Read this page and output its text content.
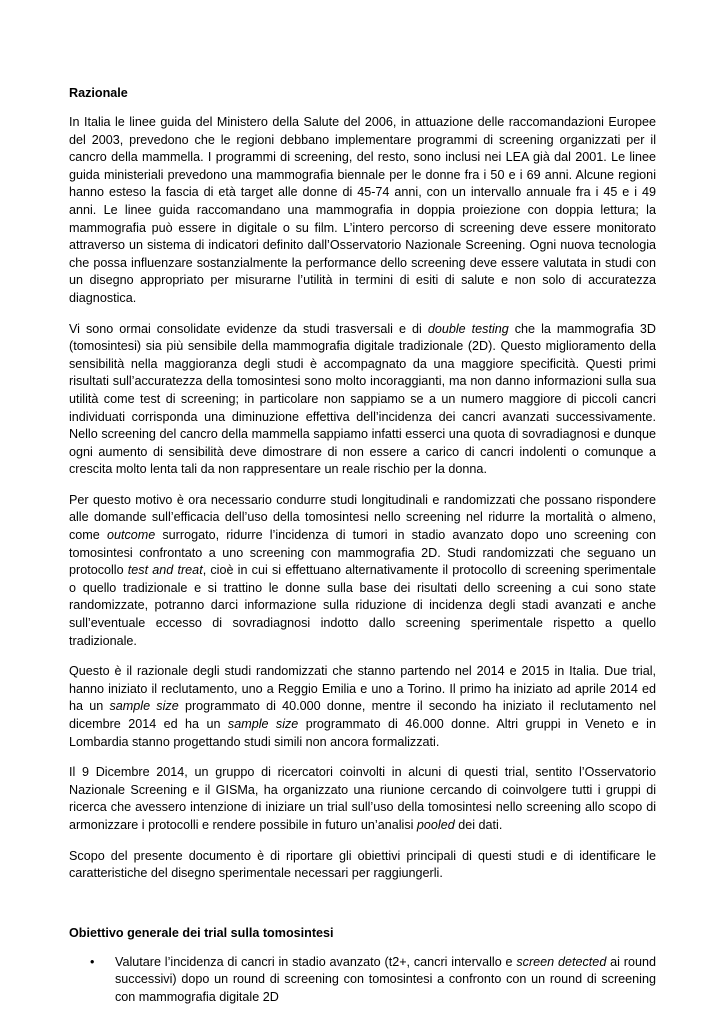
Razionale

In Italia le linee guida del Ministero della Salute del 2006, in attuazione delle raccomandazioni Europee del 2003, prevedono che le regioni debbano implementare programmi di screening organizzati per il cancro della mammella. I programmi di screening, del resto, sono inclusi nei LEA già dal 2001. Le linee guida ministeriali prevedono una mammografia biennale per le donne fra i 50 e i 69 anni. Alcune regioni hanno esteso la fascia di età target alle donne di 45-74 anni, con un intervallo annuale fra i 45 e i 49 anni. Le linee guida raccomandano una mammografia in doppia proiezione con doppia lettura; la mammografia può essere in digitale o su film. L’intero percorso di screening deve essere monitorato attraverso un sistema di indicatori definito dall’Osservatorio Nazionale Screening. Ogni nuova tecnologia che possa influenzare sostanzialmente la performance dello screening deve essere valutata in studi con un disegno appropriato per misurarne l’utilità in termini di esiti di salute e non solo di accuratezza diagnostica.

Vi sono ormai consolidate evidenze da studi trasversali e di double testing che la mammografia 3D (tomosintesi) sia più sensibile della mammografia digitale tradizionale (2D). Questo miglioramento della sensibilità nella maggioranza degli studi è accompagnato da una maggiore specificità. Questi primi risultati sull’accuratezza della tomosintesi sono molto incoraggianti, ma non danno informazioni sulla sua utilità come test di screening; in particolare non sappiamo se a un numero maggiore di piccoli cancri individuati corrisponda una diminuzione effettiva dell’incidenza dei cancri avanzati successivamente. Nello screening del cancro della mammella sappiamo infatti esserci una quota di sovradiagnosi e dunque ogni aumento di sensibilità deve dimostrare di non essere a carico di cancri indolenti o comunque a crescita molto lenta tali da non rappresentare un reale rischio per la donna.

Per questo motivo è ora necessario condurre studi longitudinali e randomizzati che possano rispondere alle domande sull’efficacia dell’uso della tomosintesi nello screening nel ridurre la mortalità o almeno, come outcome surrogato, ridurre l’incidenza di tumori in stadio avanzato dopo uno screening con tomosintesi confrontato a uno screening con mammografia 2D. Studi randomizzati che seguano un protocollo test and treat, cioè in cui si effettuano alternativamente il protocollo di screening sperimentale o quello tradizionale e si trattino le donne sulla base dei risultati dello screening a cui sono state randomizzate, potranno darci informazione sulla riduzione di incidenza degli stadi avanzati e anche sull’eventuale eccesso di sovradiagnosi indotto dallo screening sperimentale rispetto a quello tradizionale.

Questo è il razionale degli studi randomizzati che stanno partendo nel 2014 e 2015 in Italia. Due trial, hanno iniziato il reclutamento, uno a Reggio Emilia e uno a Torino. Il primo ha iniziato ad aprile 2014 ed ha un sample size programmato di 40.000 donne, mentre il secondo ha iniziato il reclutamento nel dicembre 2014 ed ha un sample size programmato di 46.000 donne. Altri gruppi in Veneto e in Lombardia stanno progettando studi simili non ancora formalizzati.

Il 9 Dicembre 2014, un gruppo di ricercatori coinvolti in alcuni di questi trial, sentito l’Osservatorio Nazionale Screening e il GISMa, ha organizzato una riunione cercando di coinvolgere tutti i gruppi di ricerca che avessero intenzione di iniziare un trial sull’uso della tomosintesi nello screening allo scopo di armonizzare i protocolli e rendere possibile in futuro un’analisi pooled dei dati.

Scopo del presente documento è di riportare gli obiettivi principali di questi studi e di identificare le caratteristiche del disegno sperimentale necessari per raggiungerli.

Obiettivo generale dei trial sulla tomosintesi
• Valutare l’incidenza di cancri in stadio avanzato (t2+, cancri intervallo e screen detected ai round successivi) dopo un round di screening con tomosintesi a confronto con un round di screening con mammografia digitale 2D
